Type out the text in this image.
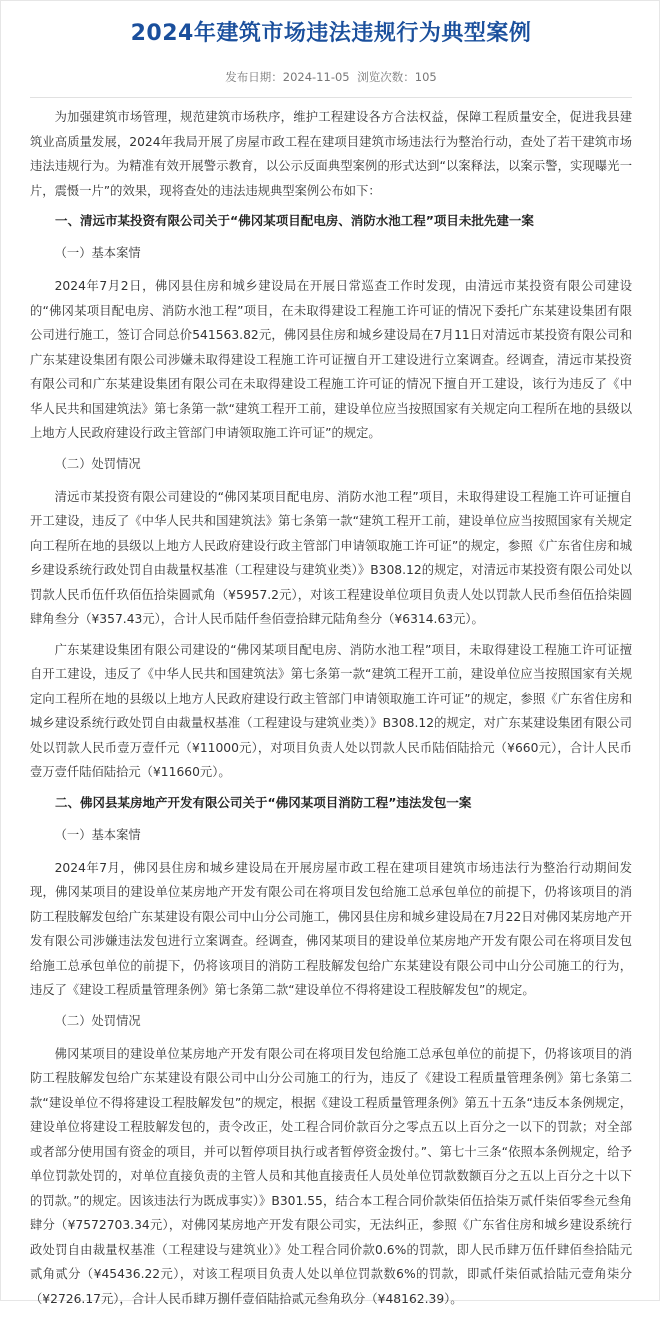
2024年建筑市场违法违规行为典型案例
发布日期：2024-11-05 浏览次数：105

为加强建筑市场管理，规范建筑市场秩序，维护工程建设各方合法权益，保障工程质量安全，促进我县建筑业高质量发展，2024年我局开展了房屋市政工程在建项目建筑市场违法行为整治行动，查处了若干建筑市场违法违规行为。为精准有效开展警示教育，以公示反面典型案例的形式达到“以案释法，以案示警，实现曝光一片，震慑一片”的效果，现将查处的违法违规典型案例公布如下：

一、清远市某投资有限公司关于“佛冈某项目配电房、消防水池工程”项目未批先建一案
（一）基本案情

2024年7月2日，佛冈县住房和城乡建设局在开展日常巡查工作时发现，由清远市某投资有限公司建设的“佛冈某项目配电房、消防水池工程”项目，在未取得建设工程施工许可证的情况下委托广东某建设集团有限公司进行施工，签订合同总价541563.82元，佛冈县住房和城乡建设局在7月11日对清远市某投资有限公司和广东某建设集团有限公司涉嫌未取得建设工程施工许可证擅自开工建设进行立案调查。经调查，清远市某投资有限公司和广东某建设集团有限公司在未取得建设工程施工许可证的情况下擅自开工建设，该行为违反了《中华人民共和国建筑法》第七条第一款“建筑工程开工前，建设单位应当按照国家有关规定向工程所在地的县级以上地方人民政府建设行政主管部门申请领取施工许可证”的规定。

（二）处罚情况

清远市某投资有限公司建设的“佛冈某项目配电房、消防水池工程”项目，未取得建设工程施工许可证擅自开工建设，违反了《中华人民共和国建筑法》第七条第一款“建筑工程开工前，建设单位应当按照国家有关规定向工程所在地的县级以上地方人民政府建设行政主管部门申请领取施工许可证”的规定，参照《广东省住房和城乡建设系统行政处罚自由裁量权基准（工程建设与建筑业类）》B308.12的规定，对清远市某投资有限公司处以罚款人民币伍仟玖佰伍拾柒圆贰角（¥5957.2元），对该工程建设单位项目负责人处以罚款人民币叁佰伍拾柒圆肆角叁分（¥357.43元），合计人民币陆仟叁佰壹拾肆元陆角叁分（¥6314.63元）。

广东某建设集团有限公司建设的“佛冈某项目配电房、消防水池工程”项目，未取得建设工程施工许可证擅自开工建设，违反了《中华人民共和国建筑法》第七条第一款“建筑工程开工前，建设单位应当按照国家有关规定向工程所在地的县级以上地方人民政府建设行政主管部门申请领取施工许可证”的规定，参照《广东省住房和城乡建设系统行政处罚自由裁量权基准（工程建设与建筑业类）》B308.12的规定，对广东某建设集团有限公司处以罚款人民币壹万壹仟元（¥11000元），对项目负责人处以罚款人民币陆佰陆拾元（¥660元），合计人民币壹万壹仟陆佰陆拾元（¥11660元）。

二、佛冈县某房地产开发有限公司关于“佛冈某项目消防工程”违法发包一案
（一）基本案情

2024年7月，佛冈县住房和城乡建设局在开展房屋市政工程在建项目建筑市场违法行为整治行动期间发现，佛冈某项目的建设单位某房地产开发有限公司在将项目发包给施工总承包单位的前提下，仍将该项目的消防工程肢解发包给广东某建设有限公司中山分公司施工，佛冈县住房和城乡建设局在7月22日对佛冈某房地产开发有限公司涉嫌违法发包进行立案调查。经调查，佛冈某项目的建设单位某房地产开发有限公司在将项目发包给施工总承包单位的前提下，仍将该项目的消防工程肢解发包给广东某建设有限公司中山分公司施工的行为，违反了《建设工程质量管理条例》第七条第二款“建设单位不得将建设工程肢解发包”的规定。

（二）处罚情况

佛冈某项目的建设单位某房地产开发有限公司在将项目发包给施工总承包单位的前提下，仍将该项目的消防工程肢解发包给广东某建设有限公司中山分公司施工的行为，违反了《建设工程质量管理条例》第七条第二款“建设单位不得将建设工程肢解发包”的规定，根据《建设工程质量管理条例》第五十五条“违反本条例规定，建设单位将建设工程肢解发包的，责令改正，处工程合同价款百分之零点五以上百分之一以下的罚款；对全部或者部分使用国有资金的项目，并可以暂停项目执行或者暂停资金拨付。”、第七十三条“依照本条例规定，给予单位罚款处罚的，对单位直接负责的主管人员和其他直接责任人员处单位罚款数额百分之五以上百分之十以下的罚款。”的规定。因该违法行为既成事实）》B301.55，结合本工程合同价款柒佰伍拾柒万贰仟柒佰零叁元叁角肆分（¥7572703.34元），对佛冈某房地产开发有限公司实，无法纠正，参照《广东省住房和城乡建设系统行政处罚自由裁量权基准（工程建设与建筑业）》处工程合同价款0.6%的罚款，即人民币肆万伍仟肆佰叁拾陆元贰角贰分（¥45436.22元），对该工程项目负责人处以单位罚款数6%的罚款，即贰仟柒佰贰拾陆元壹角柒分（¥2726.17元），合计人民币肆万捌仟壹佰陆拾贰元叁角玖分（¥48162.39）。
